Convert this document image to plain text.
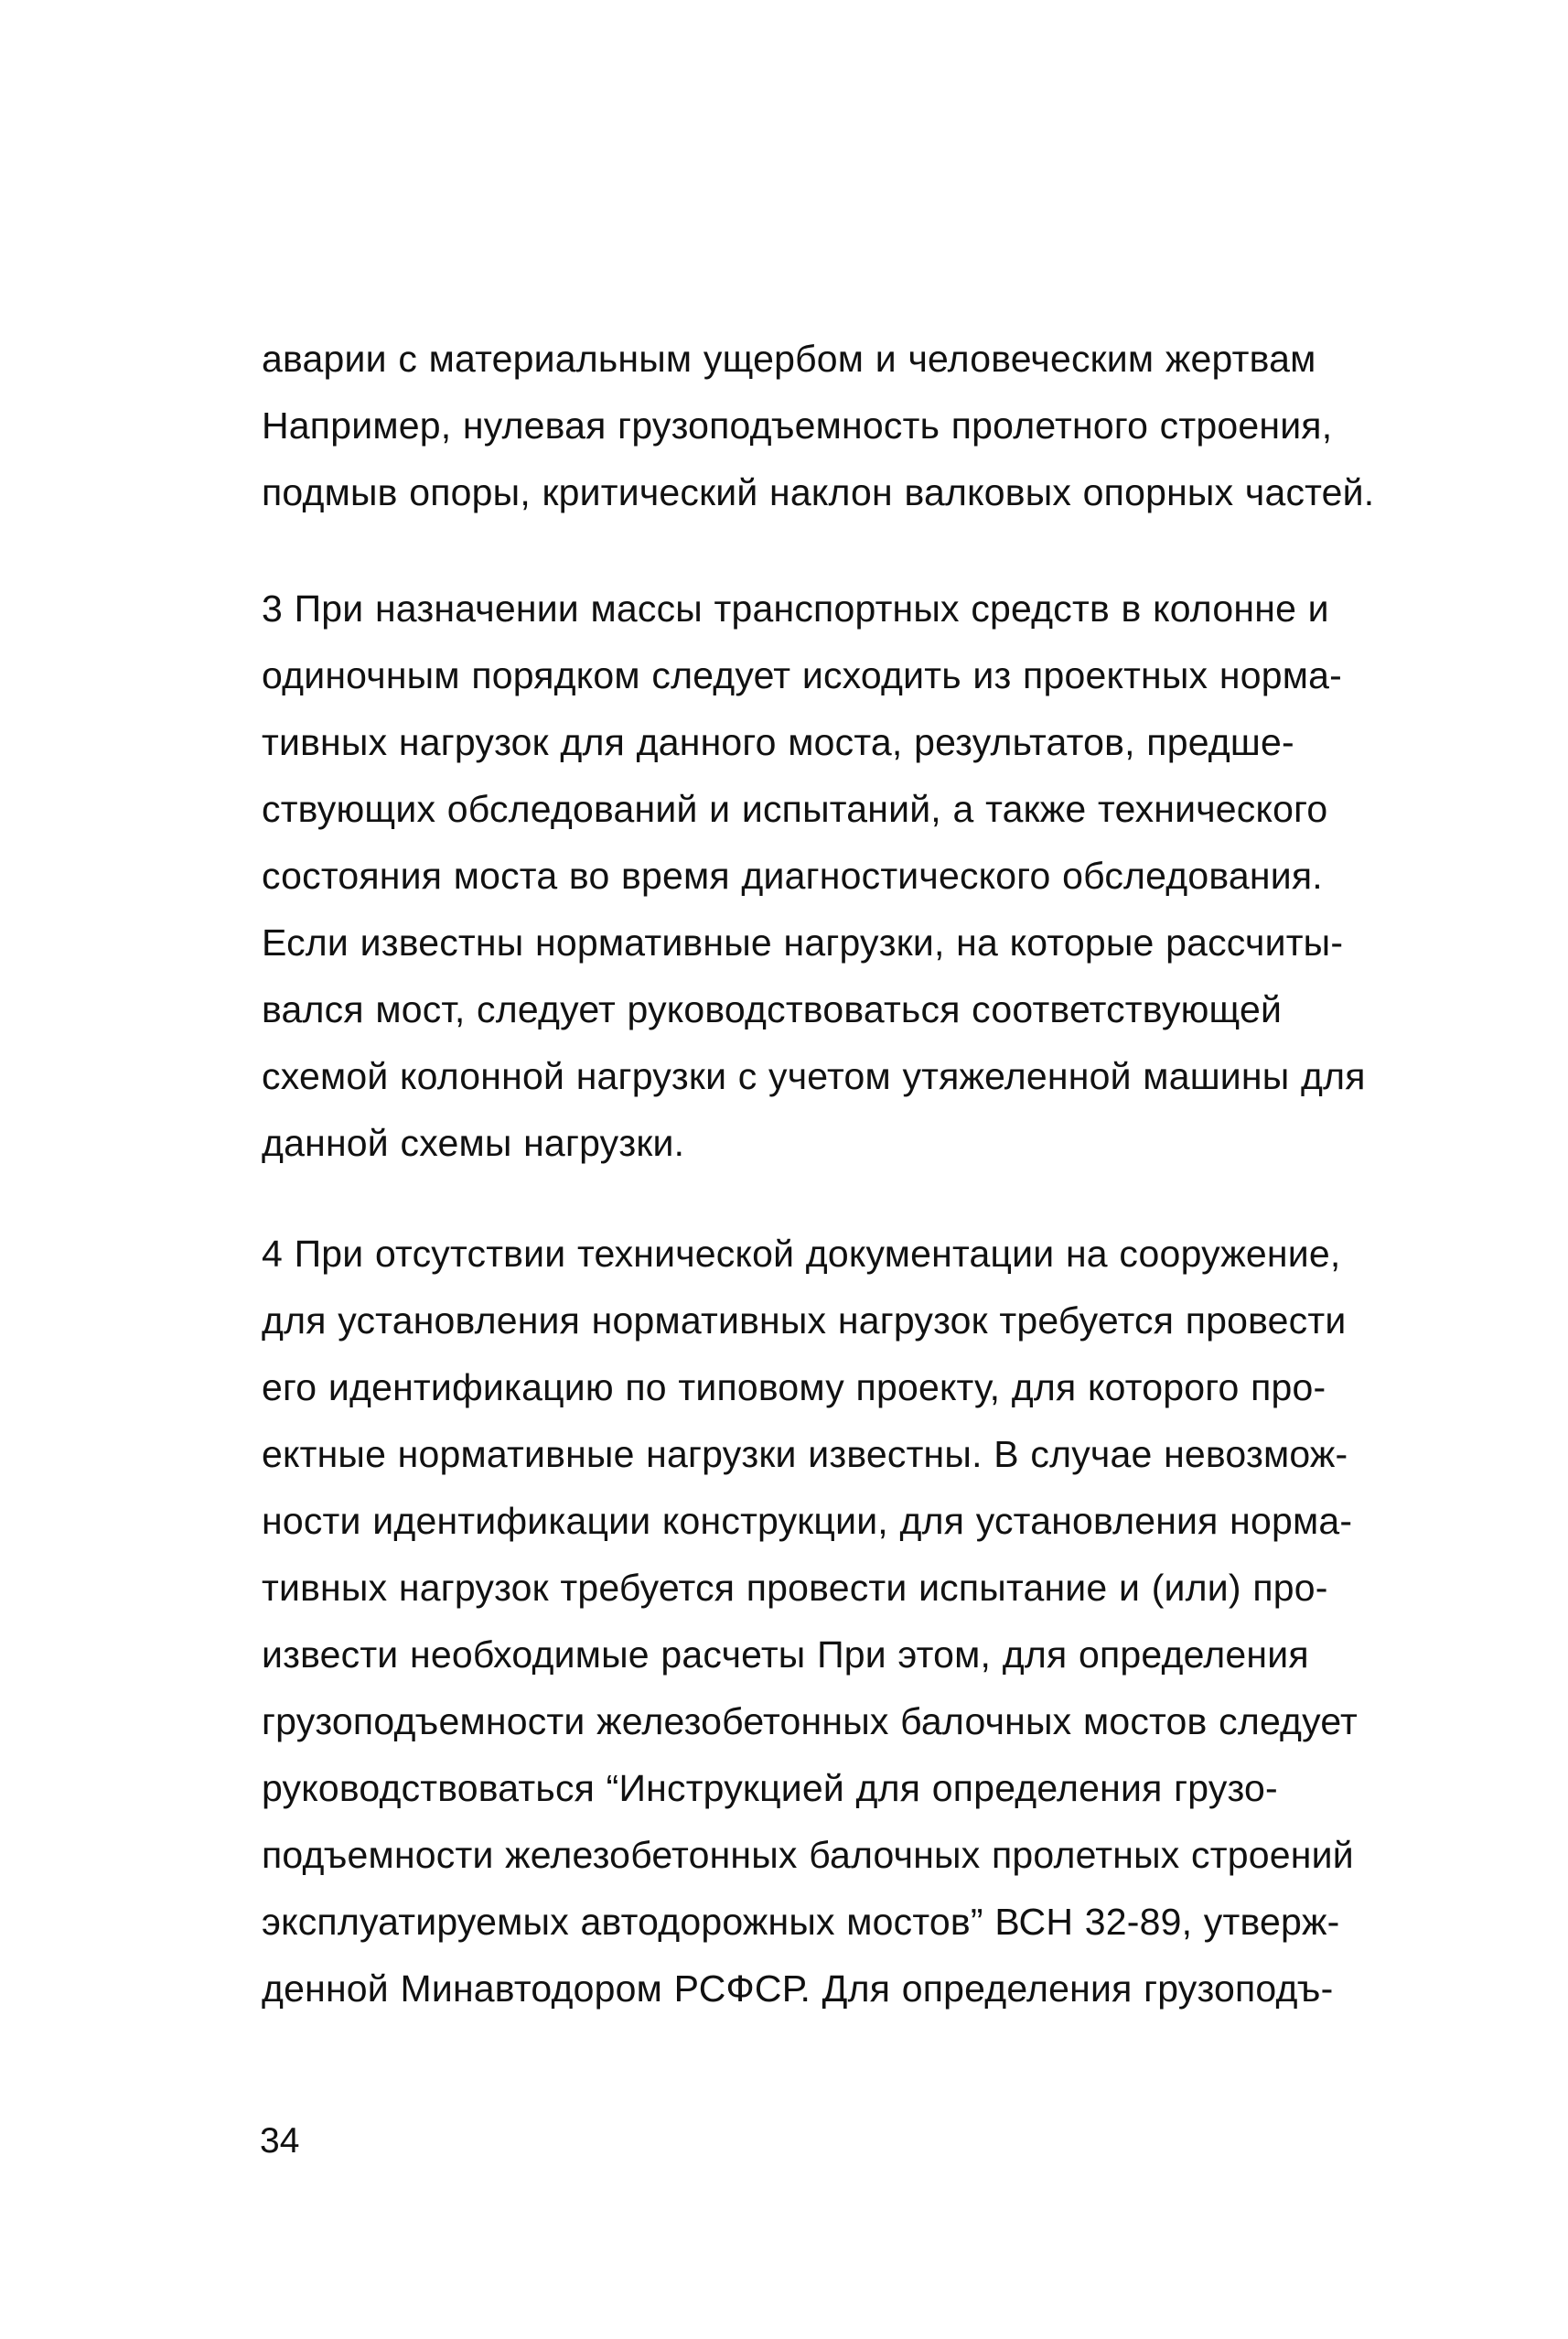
аварии с материальным ущербом и человеческим жертвам
Например, нулевая грузоподъемность пролетного строения,
подмыв опоры, критический наклон валковых опорных частей.
3 При назначении массы транспортных средств в колонне и
одиночным порядком следует исходить из проектных норма-
тивных нагрузок для данного моста, результатов, предше-
ствующих обследований и испытаний, а также технического
состояния моста во время диагностического обследования.
Если известны нормативные нагрузки, на которые рассчиты-
вался мост, следует руководствоваться соответствующей
схемой колонной нагрузки с учетом утяжеленной машины для
данной схемы нагрузки.
4 При отсутствии технической документации на сооружение,
для установления нормативных нагрузок требуется провести
его идентификацию по типовому проекту, для которого про-
ектные нормативные нагрузки известны. В случае невозмож-
ности идентификации конструкции, для установления норма-
тивных нагрузок требуется провести испытание и (или) про-
извести необходимые расчеты При этом, для определения
грузоподъемности железобетонных балочных мостов следует
руководствоваться “Инструкцией для определения грузо-
подъемности железобетонных балочных пролетных строений
эксплуатируемых автодорожных мостов” ВСН 32-89, утверж-
денной Минавтодором РСФСР. Для определения грузоподъ-
34
